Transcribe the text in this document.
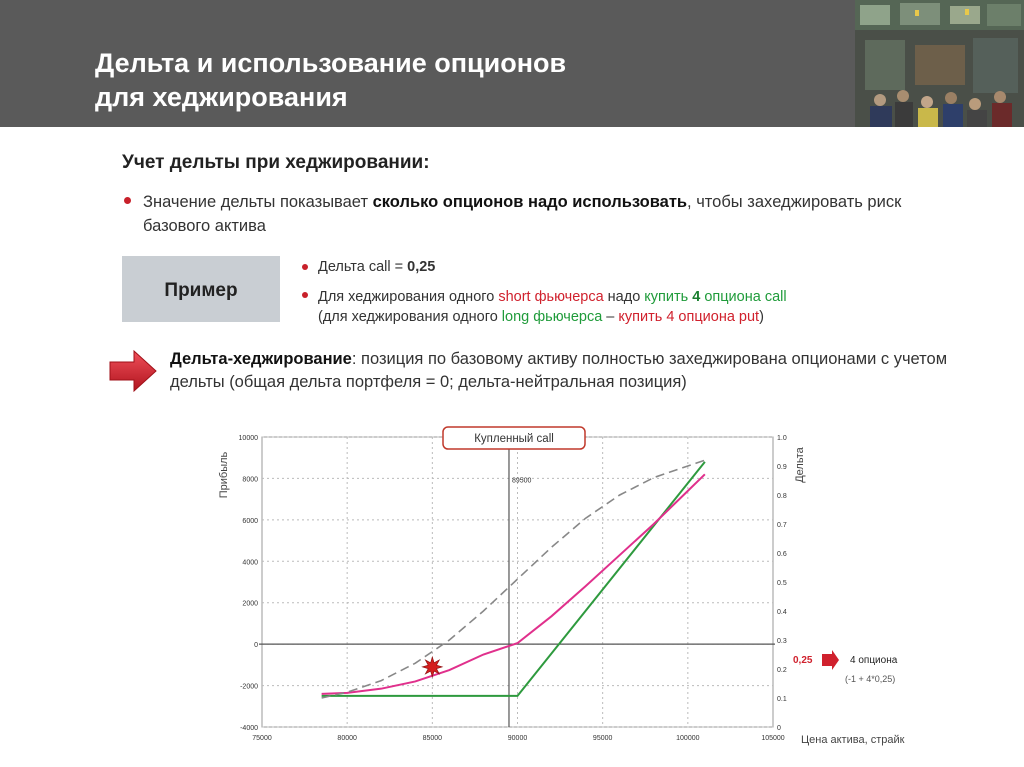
Дельта и использование опционов
для хеджирования
Учет дельты при хеджировании:
Значение дельты показывает сколько опционов надо использовать, чтобы заxеджировать риск базового актива
Пример
Дельта call = 0,25
Для хеджирования одного short фьючерса надо купить 4 опциона call
(для хеджирования одного long фьючерса – купить 4 опциона put)
Дельта-хеджирование: позиция по базовому активу полностью захеджирована опционами с учетом дельты (общая дельта портфеля = 0; дельта-нейтральная позиция)
89500
75000	80000	85000	90000	95000	100000	105000
-4000
-2000
0
2000
4000
6000
8000
10000
0
0.1
0.2
0.3
0.4
0.5
0.6
0.7
0.8
0.9
1.0
Прибыль	Дельта
Цена актива, страйк
Купленный call
0,25	4 опциона
(-1 + 4*0,25)
